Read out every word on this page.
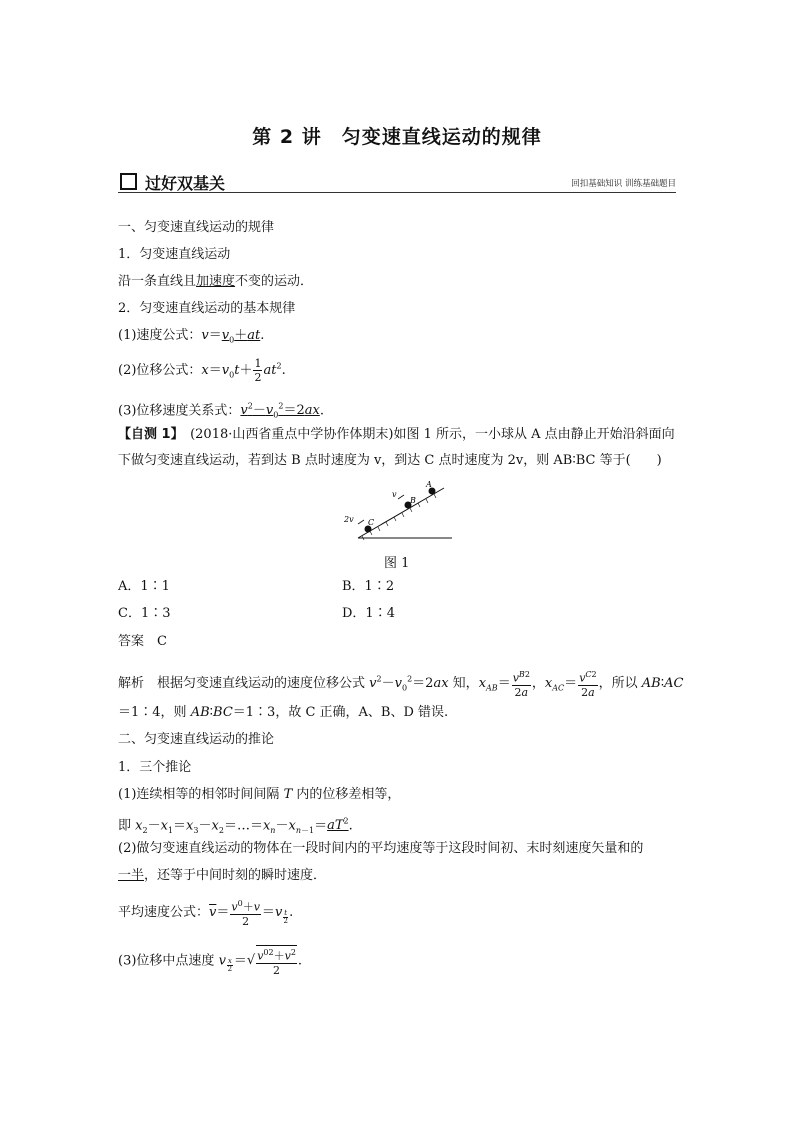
第 2 讲　匀变速直线运动的规律
过好双基关	回扣基础知识 训练基础题目
一、匀变速直线运动的规律
1．匀变速直线运动
沿一条直线且加速度不变的运动．
2．匀变速直线运动的基本规律
(1)速度公式：$v=v_0+at$.
(2)位移公式：$x=v_0t+ \frac{1}{2} at^2$.
(3)位移速度关系式：$v^2-v_0^2=2ax$.
【自测 1】　 (2018·山西省重点中学协作体期末)如图 1 所示，一小球从 A 点由静止开始沿斜面向
下做匀变速直线运动，若到达 B 点时速度为 v，到达 C 点时速度为 2v，则 AB∶BC 等于(　　)
2v C
v
B
A
图 1
A．1∶1	B．1∶2
C．1∶3	D．1∶4
答案　C
解析　根据匀变速直线运动的速度位移公式 $v^2-v_0^2=2ax$ 知，$x_{AB}= \frac{v^{B2}}{2a}$ ，$x_{AC}= \frac{v^{C2}}{2a}$ ，所以 AB∶AC
＝1∶4，则 AB∶BC＝1∶3，故 C 正确，A、B、D 错误.
二、匀变速直线运动的推论
1．三个推论
(1)连续相等的相邻时间间隔 T 内的位移差相等，
即 $x_2-x_1=x_3-x_2=\dots=x_n-x_{n-1}=aT^2$.
(2)做匀变速直线运动的物体在一段时间内的平均速度等于这段时间初、末时刻速度矢量和的
一半，还等于中间时刻的瞬时速度．
平均速度公式：$\overline{v}= \frac{v^0+v}{2} =v$ $_{\frac{t}{2}}$ .
(3)位移中点速度 v $_{\frac{x}{2}}$ ＝√ $\frac{v^{02}+v^2}{2}$ .
